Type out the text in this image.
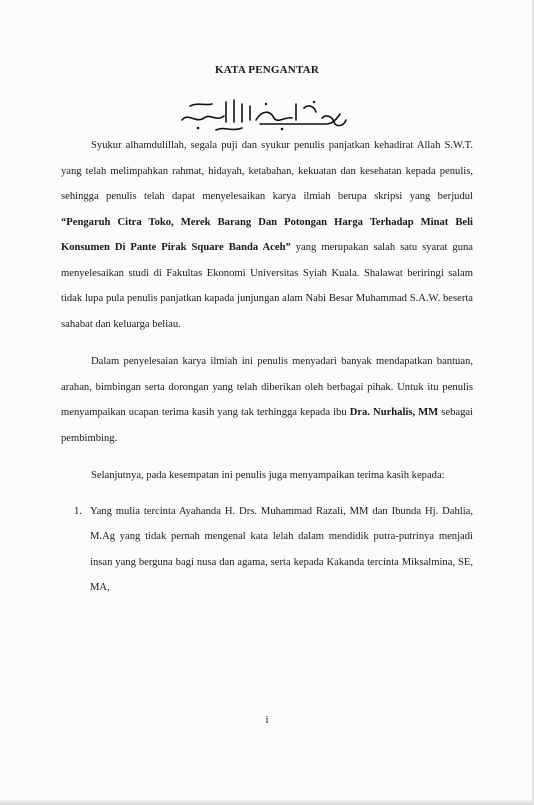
KATA PENGANTAR

Syukur alhamdulillah, segala puji dan syukur penulis panjatkan kehadirat Allah S.W.T. yang telah melimpahkan rahmat, hidayah, ketabahan, kekuatan dan kesehatan kepada penulis, sehingga penulis telah dapat menyelesaikan karya ilmiah berupa skripsi yang berjudul “Pengaruh Citra Toko, Merek Barang Dan Potongan Harga Terhadap Minat Beli Konsumen Di Pante Pirak Square Banda Aceh” yang merupakan salah satu syarat guna menyelesaikan studi di Fakultas Ekonomi Universitas Syiah Kuala. Shalawat beriringi salam tidak lupa pula penulis panjatkan kapada junjungan alam Nabi Besar Muhammad S.A.W. beserta sahabat dan keluarga beliau.

Dalam penyelesaian karya ilmiah ini penulis menyadari banyak mendapatkan bantuan, arahan, bimbingan serta dorongan yang telah diberikan oleh berbagai pihak. Untuk itu penulis menyampaikan ucapan terima kasih yang tak terhingga kepada ibu Dra. Nurhalis, MM sebagai pembimbing.

Selanjutnya, pada kesempatan ini penulis juga menyampaikan terima kasih kepada:

1. Yang mulia tercinta Ayahanda H. Drs. Muhammad Razali, MM dan Ibunda Hj. Dahlia, M.Ag yang tidak pernah mengenal kata lelah dalam mendidik putra-putrinya menjadi insan yang berguna bagi nusa dan agama, serta kepada Kakanda tercinta Miksalmina, SE, MA,
i
